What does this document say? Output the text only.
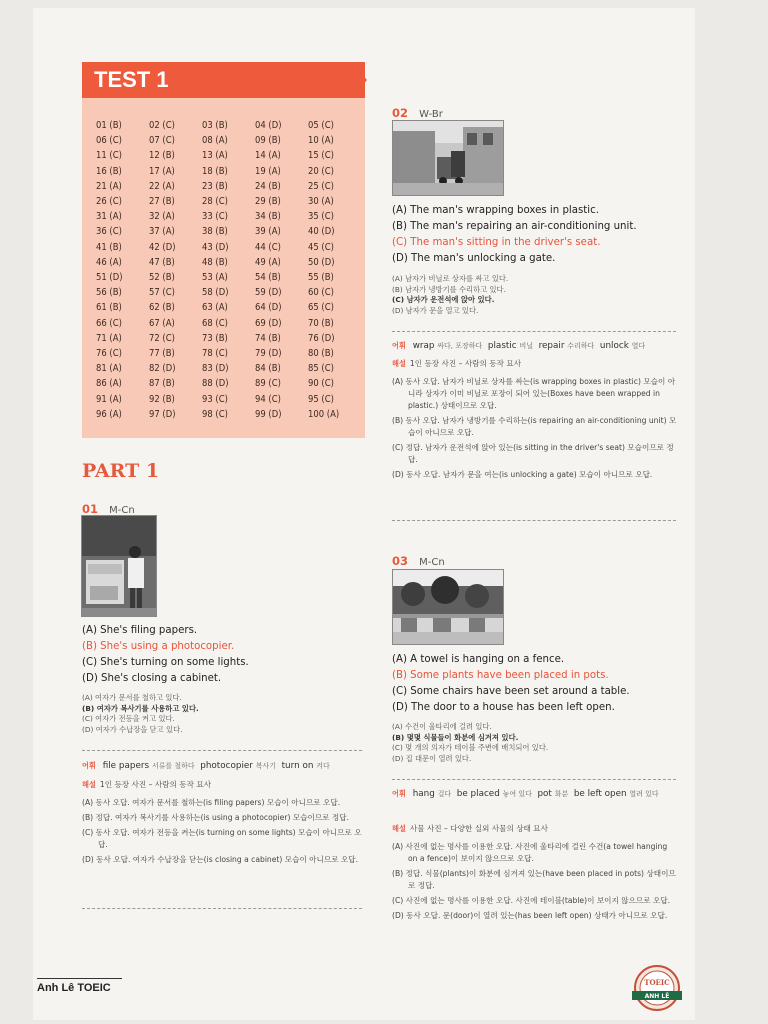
TEST 1
01 (B)	02 (C)	03 (B)	04 (D)	05 (C)
06 (C)	07 (C)	08 (A)	09 (B)	10 (A)
11 (C)	12 (B)	13 (A)	14 (A)	15 (C)
16 (B)	17 (A)	18 (B)	19 (A)	20 (C)
21 (A)	22 (A)	23 (B)	24 (B)	25 (C)
26 (C)	27 (B)	28 (C)	29 (B)	30 (A)
31 (A)	32 (A)	33 (C)	34 (B)	35 (C)
36 (C)	37 (A)	38 (B)	39 (A)	40 (D)
41 (B)	42 (D)	43 (D)	44 (C)	45 (C)
46 (A)	47 (B)	48 (B)	49 (A)	50 (D)
51 (D)	52 (B)	53 (A)	54 (B)	55 (B)
56 (B)	57 (C)	58 (D)	59 (D)	60 (C)
61 (B)	62 (B)	63 (A)	64 (D)	65 (C)
66 (C)	67 (A)	68 (C)	69 (D)	70 (B)
71 (A)	72 (C)	73 (B)	74 (B)	76 (D)
76 (C)	77 (B)	78 (C)	79 (D)	80 (B)
81 (A)	82 (D)	83 (D)	84 (B)	85 (C)
86 (A)	87 (B)	88 (D)	89 (C)	90 (C)
91 (A)	92 (B)	93 (C)	94 (C)	95 (C)
96 (A)	97 (D)	98 (C)	99 (D)	100 (A)
PART 1
01 M-Cn
(A) She's filing papers.
(B) She's using a photocopier.
(C) She's turning on some lights.
(D) She's closing a cabinet.
(A) 여자가 문서를 철하고 있다.
(B) 여자가 복사기를 사용하고 있다.
(C) 여자가 전등을 켜고 있다.
(D) 여자가 수납장을 닫고 있다.
어휘 file papers 서류를 철하다 photocopier 복사기 turn on 켜다

해설 1인 등장 사진 – 사람의 동작 묘사

(A) 동사 오답. 여자가 문서를 철하는(is filing papers) 모습이 아니므로 오답.

(B) 정답. 여자가 복사기를 사용하는(is using a photocopier) 모습이므로 정답.

(C) 동사 오답. 여자가 전등을 켜는(is turning on some lights) 모습이 아니므로 오답.

(D) 동사 오답. 여자가 수납장을 닫는(is closing a cabinet) 모습이 아니므로 오답.

02 W-Br
(A) The man's wrapping boxes in plastic.
(B) The man's repairing an air-conditioning unit.
(C) The man's sitting in the driver's seat.
(D) The man's unlocking a gate.
(A) 남자가 비닐로 상자를 싸고 있다.
(B) 남자가 냉방기를 수리하고 있다.
(C) 남자가 운전석에 앉아 있다.
(D) 남자가 문을 열고 있다.
어휘 wrap 싸다, 포장하다 plastic 비닐 repair 수리하다 unlock 열다

해설 1인 등장 사진 – 사람의 동작 묘사

(A) 동사 오답. 남자가 비닐로 상자를 싸는(is wrapping boxes in plastic) 모습이 아니라 상자가 이미 비닐로 포장이 되어 있는(Boxes have been wrapped in plastic.) 상태이므로 오답.

(B) 동사 오답. 남자가 냉방기를 수리하는(is repairing an air-conditioning unit) 모습이 아니므로 오답.

(C) 정답. 남자가 운전석에 앉아 있는(is sitting in the driver's seat) 모습이므로 정답.

(D) 동사 오답. 남자가 문을 여는(is unlocking a gate) 모습이 아니므로 오답.

03 M-Cn
(A) A towel is hanging on a fence.
(B) Some plants have been placed in pots.
(C) Some chairs have been set around a table.
(D) The door to a house has been left open.
(A) 수건이 울타리에 걸려 있다.
(B) 몇몇 식물들이 화분에 심겨져 있다.
(C) 몇 개의 의자가 테이블 주변에 배치되어 있다.
(D) 집 대문이 열려 있다.
어휘 hang 걸다 be placed 놓여 있다 pot 화분 be left open 열려 있다

해설 사물 사진 – 다양한 실외 사물의 상태 묘사

(A) 사진에 없는 명사를 이용한 오답. 사진에 울타리에 걸린 수건(a towel hanging on a fence)이 보이지 않으므로 오답.

(B) 정답. 식물(plants)이 화분에 심겨져 있는(have been placed in pots) 상태이므로 정답.

(C) 사진에 없는 명사를 이용한 오답. 사진에 테이블(table)이 보이지 않으므로 오답.

(D) 동사 오답. 문(door)이 열려 있는(has been left open) 상태가 아니므로 오답.

Anh Lê TOEIC	TOEIC
ANH LÊ
